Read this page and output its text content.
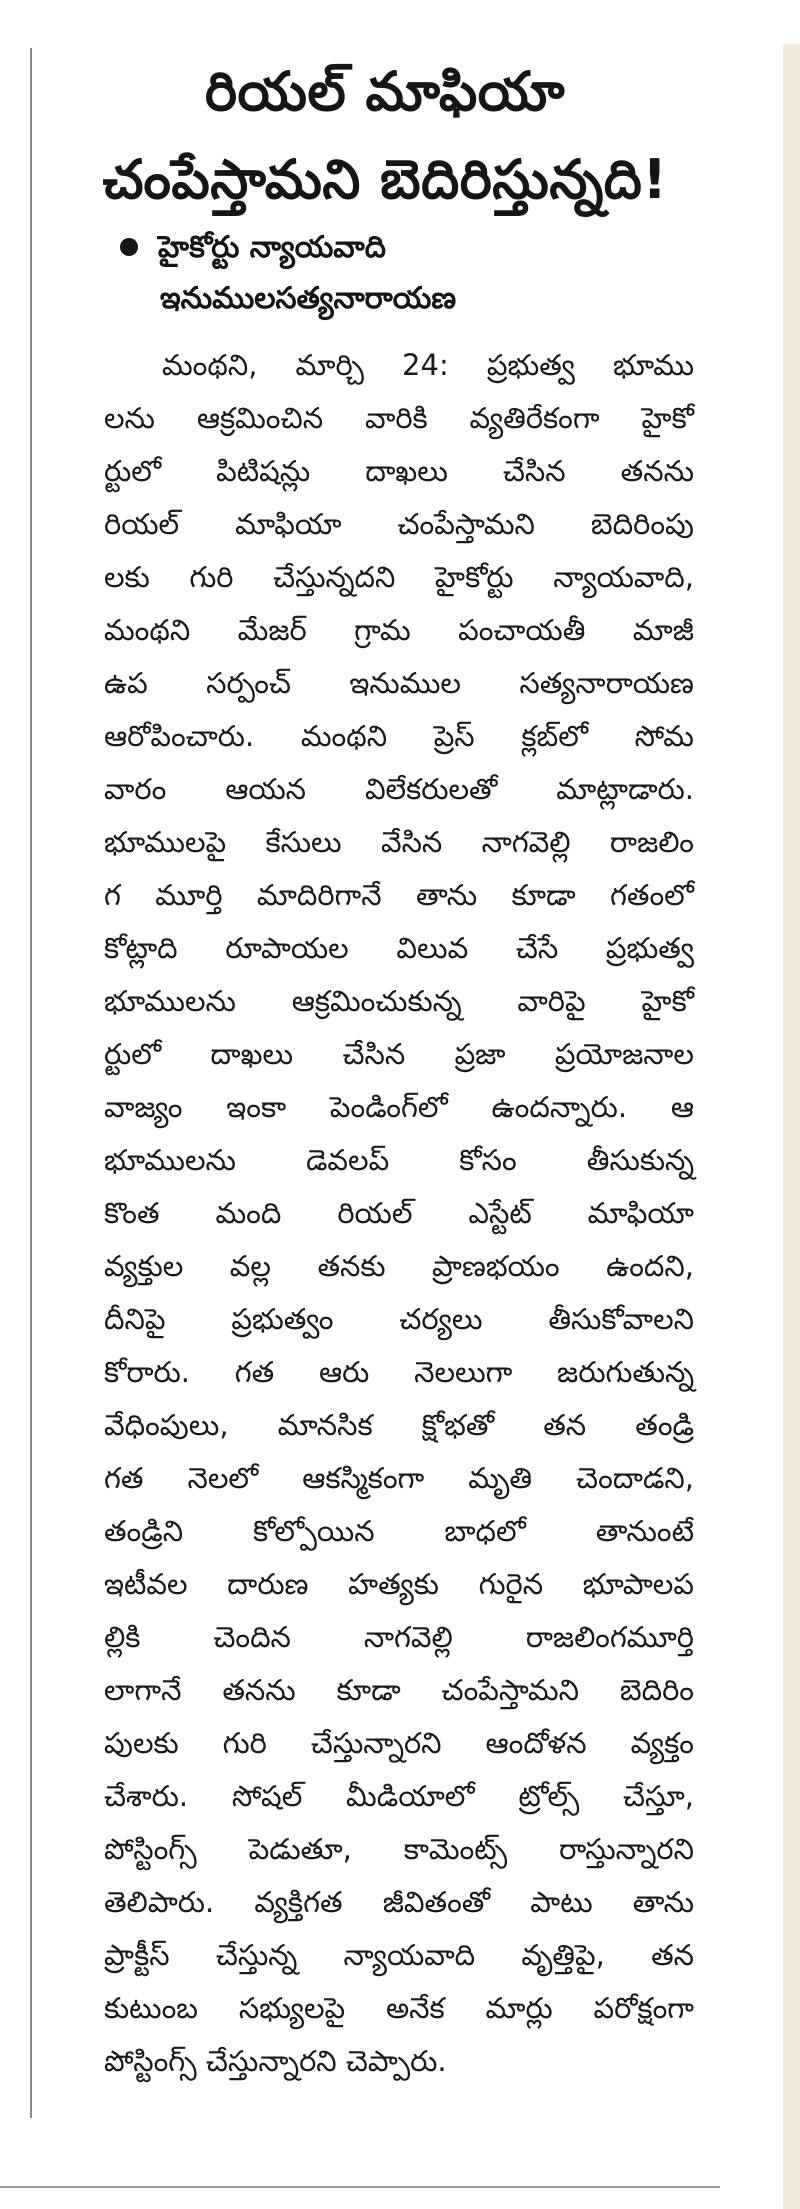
రియల్ మాఫియా
చంపేస్తామని బెదిరిస్తున్నది!
హైకోర్టు న్యాయవాది
ఇనుములసత్యనారాయణ
మంథని, మార్చి 24: ప్రభుత్వ భూము
లను ఆక్రమించిన వారికి వ్యతిరేకంగా హైకో
ర్టులో పిటిషన్లు దాఖలు చేసిన తనను
రియల్ మాఫియా చంపేస్తామని బెదిరింపు
లకు గురి చేస్తున్నదని హైకోర్టు న్యాయవాది,
మంథని మేజర్ గ్రామ పంచాయతీ మాజీ
ఉప సర్పంచ్ ఇనుముల సత్యనారాయణ
ఆరోపించారు. మంథని ప్రెస్ క్లబ్‌లో సోమ
వారం ఆయన విలేకరులతో మాట్లాడారు.
భూములపై కేసులు వేసిన నాగవెల్లి రాజలిం
గ మూర్తి మాదిరిగానే తాను కూడా గతంలో
కోట్లాది రూపాయల విలువ చేసే ప్రభుత్వ
భూములను ఆక్రమించుకున్న వారిపై హైకో
ర్టులో దాఖలు చేసిన ప్రజా ప్రయోజనాల
వాజ్యం ఇంకా పెండింగ్‌లో ఉందన్నారు. ఆ
భూములను డెవలప్ కోసం తీసుకున్న
కొంత మంది రియల్ ఎస్టేట్ మాఫియా
వ్యక్తుల వల్ల తనకు ప్రాణభయం ఉందని,
దీనిపై ప్రభుత్వం చర్యలు తీసుకోవాలని
కోరారు. గత ఆరు నెలలుగా జరుగుతున్న
వేధింపులు, మానసిక క్షోభతో తన తండ్రి
గత నెలలో ఆకస్మికంగా మృతి చెందాడని,
తండ్రిని కోల్పోయిన బాధలో తానుంటే
ఇటీవల దారుణ హత్యకు గురైన భూపాలప
ల్లికి చెందిన నాగవెల్లి రాజలింగమూర్తి
లాగానే తనను కూడా చంపేస్తామని బెదిరిం
పులకు గురి చేస్తున్నారని ఆందోళన వ్యక్తం
చేశారు. సోషల్ మీడియాలో ట్రోల్స్ చేస్తూ,
పోస్టింగ్స్ పెడుతూ, కామెంట్స్ రాస్తున్నారని
తెలిపారు. వ్యక్తిగత జీవితంతో పాటు తాను
ప్రాక్టీస్ చేస్తున్న న్యాయవాది వృత్తిపై, తన
కుటుంబ సభ్యులపై అనేక మార్లు పరోక్షంగా
పోస్టింగ్స్ చేస్తున్నారని చెప్పారు.
